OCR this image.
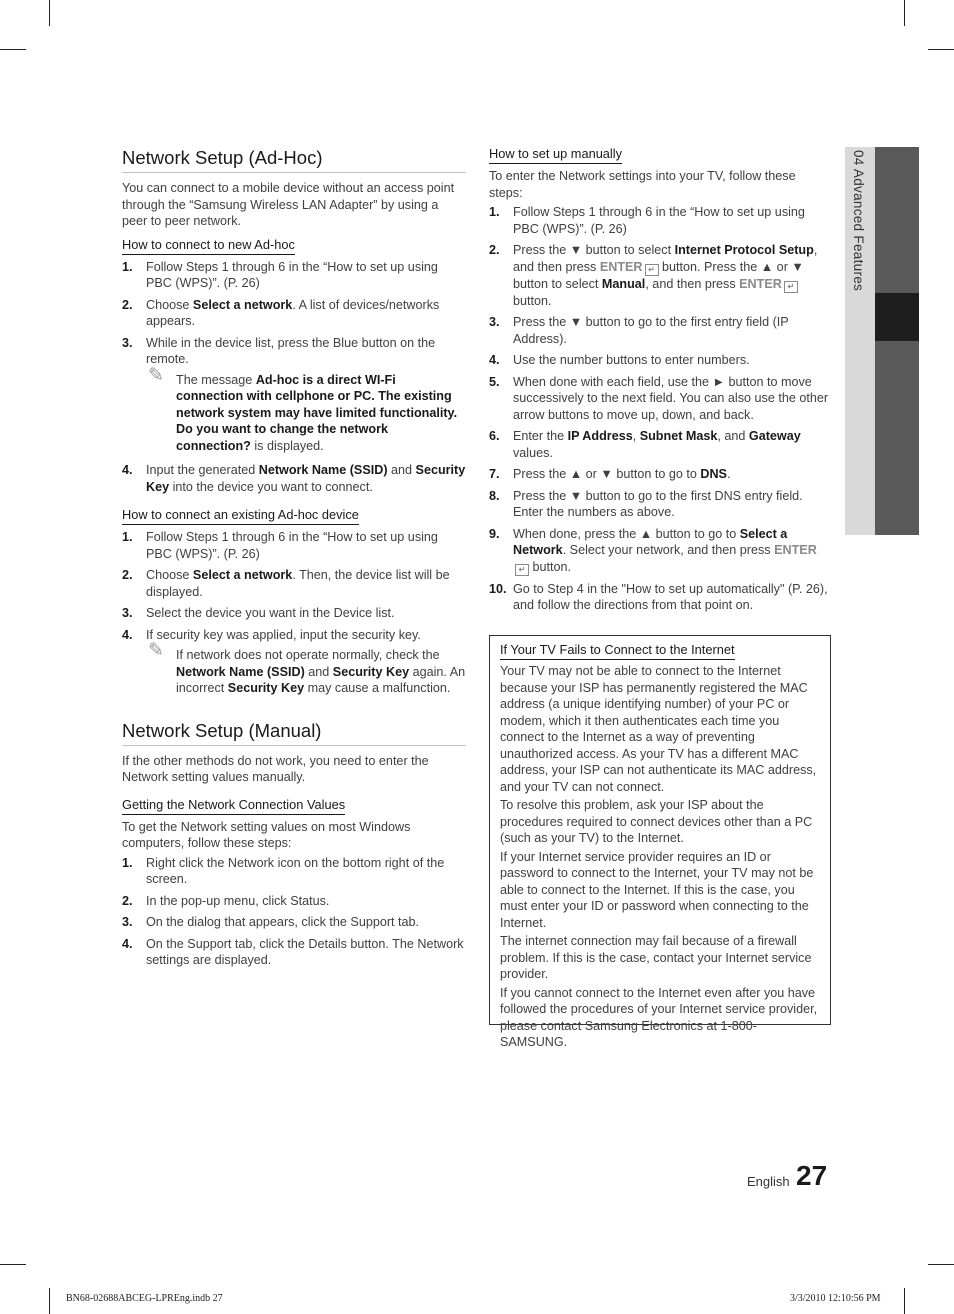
04 Advanced Features
Network Setup (Ad-Hoc)

You can connect to a mobile device without an access point through the “Samsung Wireless LAN Adapter” by using a peer to peer network.

How to connect to new Ad-hoc
1. Follow Steps 1 through 6 in the “How to set up using PBC (WPS)”. (P. 26)
2. Choose Select a network. A list of devices/networks appears.
3. While in the device list, press the Blue button on the remote.
✎ The message Ad-hoc is a direct WI-Fi connection with cellphone or PC. The existing network system may have limited functionality. Do you want to change the network connection? is displayed.
4. Input the generated Network Name (SSID) and Security Key into the device you want to connect.
How to connect an existing Ad-hoc device
1. Follow Steps 1 through 6 in the “How to set up using PBC (WPS)”. (P. 26)
2. Choose Select a network. Then, the device list will be displayed.
3. Select the device you want in the Device list.
4. If security key was applied, input the security key.
✎ If network does not operate normally, check the Network Name (SSID) and Security Key again. An incorrect Security Key may cause a malfunction.
Network Setup (Manual)

If the other methods do not work, you need to enter the Network setting values manually.

Getting the Network Connection Values

To get the Network setting values on most Windows computers, follow these steps:

1. Right click the Network icon on the bottom right of the screen.
2. In the pop-up menu, click Status.
3. On the dialog that appears, click the Support tab.
4. On the Support tab, click the Details button. The Network settings are displayed.
How to set up manually

To enter the Network settings into your TV, follow these steps:

1. Follow Steps 1 through 6 in the “How to set up using PBC (WPS)”. (P. 26)
2. Press the ▼ button to select Internet Protocol Setup, and then press ENTER ↵ button. Press the ▲ or ▼ button to select Manual, and then press ENTER ↵ button.
3. Press the ▼ button to go to the first entry field (IP Address).
4. Use the number buttons to enter numbers.
5. When done with each field, use the ► button to move successively to the next field. You can also use the other arrow buttons to move up, down, and back.
6. Enter the IP Address, Subnet Mask, and Gateway values.
7. Press the ▲ or ▼ button to go to DNS.
8. Press the ▼ button to go to the first DNS entry field. Enter the numbers as above.
9. When done, press the ▲ button to go to Select a Network. Select your network, and then press ENTER↵ button.
10. Go to Step 4 in the "How to set up automatically" (P. 26), and follow the directions from that point on.
If Your TV Fails to Connect to the Internet

Your TV may not be able to connect to the Internet because your ISP has permanently registered the MAC address (a unique identifying number) of your PC or modem, which it then authenticates each time you connect to the Internet as a way of preventing unauthorized access. As your TV has a different MAC address, your ISP can not authenticate its MAC address, and your TV can not connect.

To resolve this problem, ask your ISP about the procedures required to connect devices other than a PC (such as your TV) to the Internet.

If your Internet service provider requires an ID or password to connect to the Internet, your TV may not be able to connect to the Internet. If this is the case, you must enter your ID or password when connecting to the Internet.

The internet connection may fail because of a firewall problem. If this is the case, contact your Internet service provider.

If you cannot connect to the Internet even after you have followed the procedures of your Internet service provider, please contact Samsung Electronics at 1-800-SAMSUNG.

English 27
BN68-02688ABCEG-LPREng.indb 27	3/3/2010 12:10:56 PM
